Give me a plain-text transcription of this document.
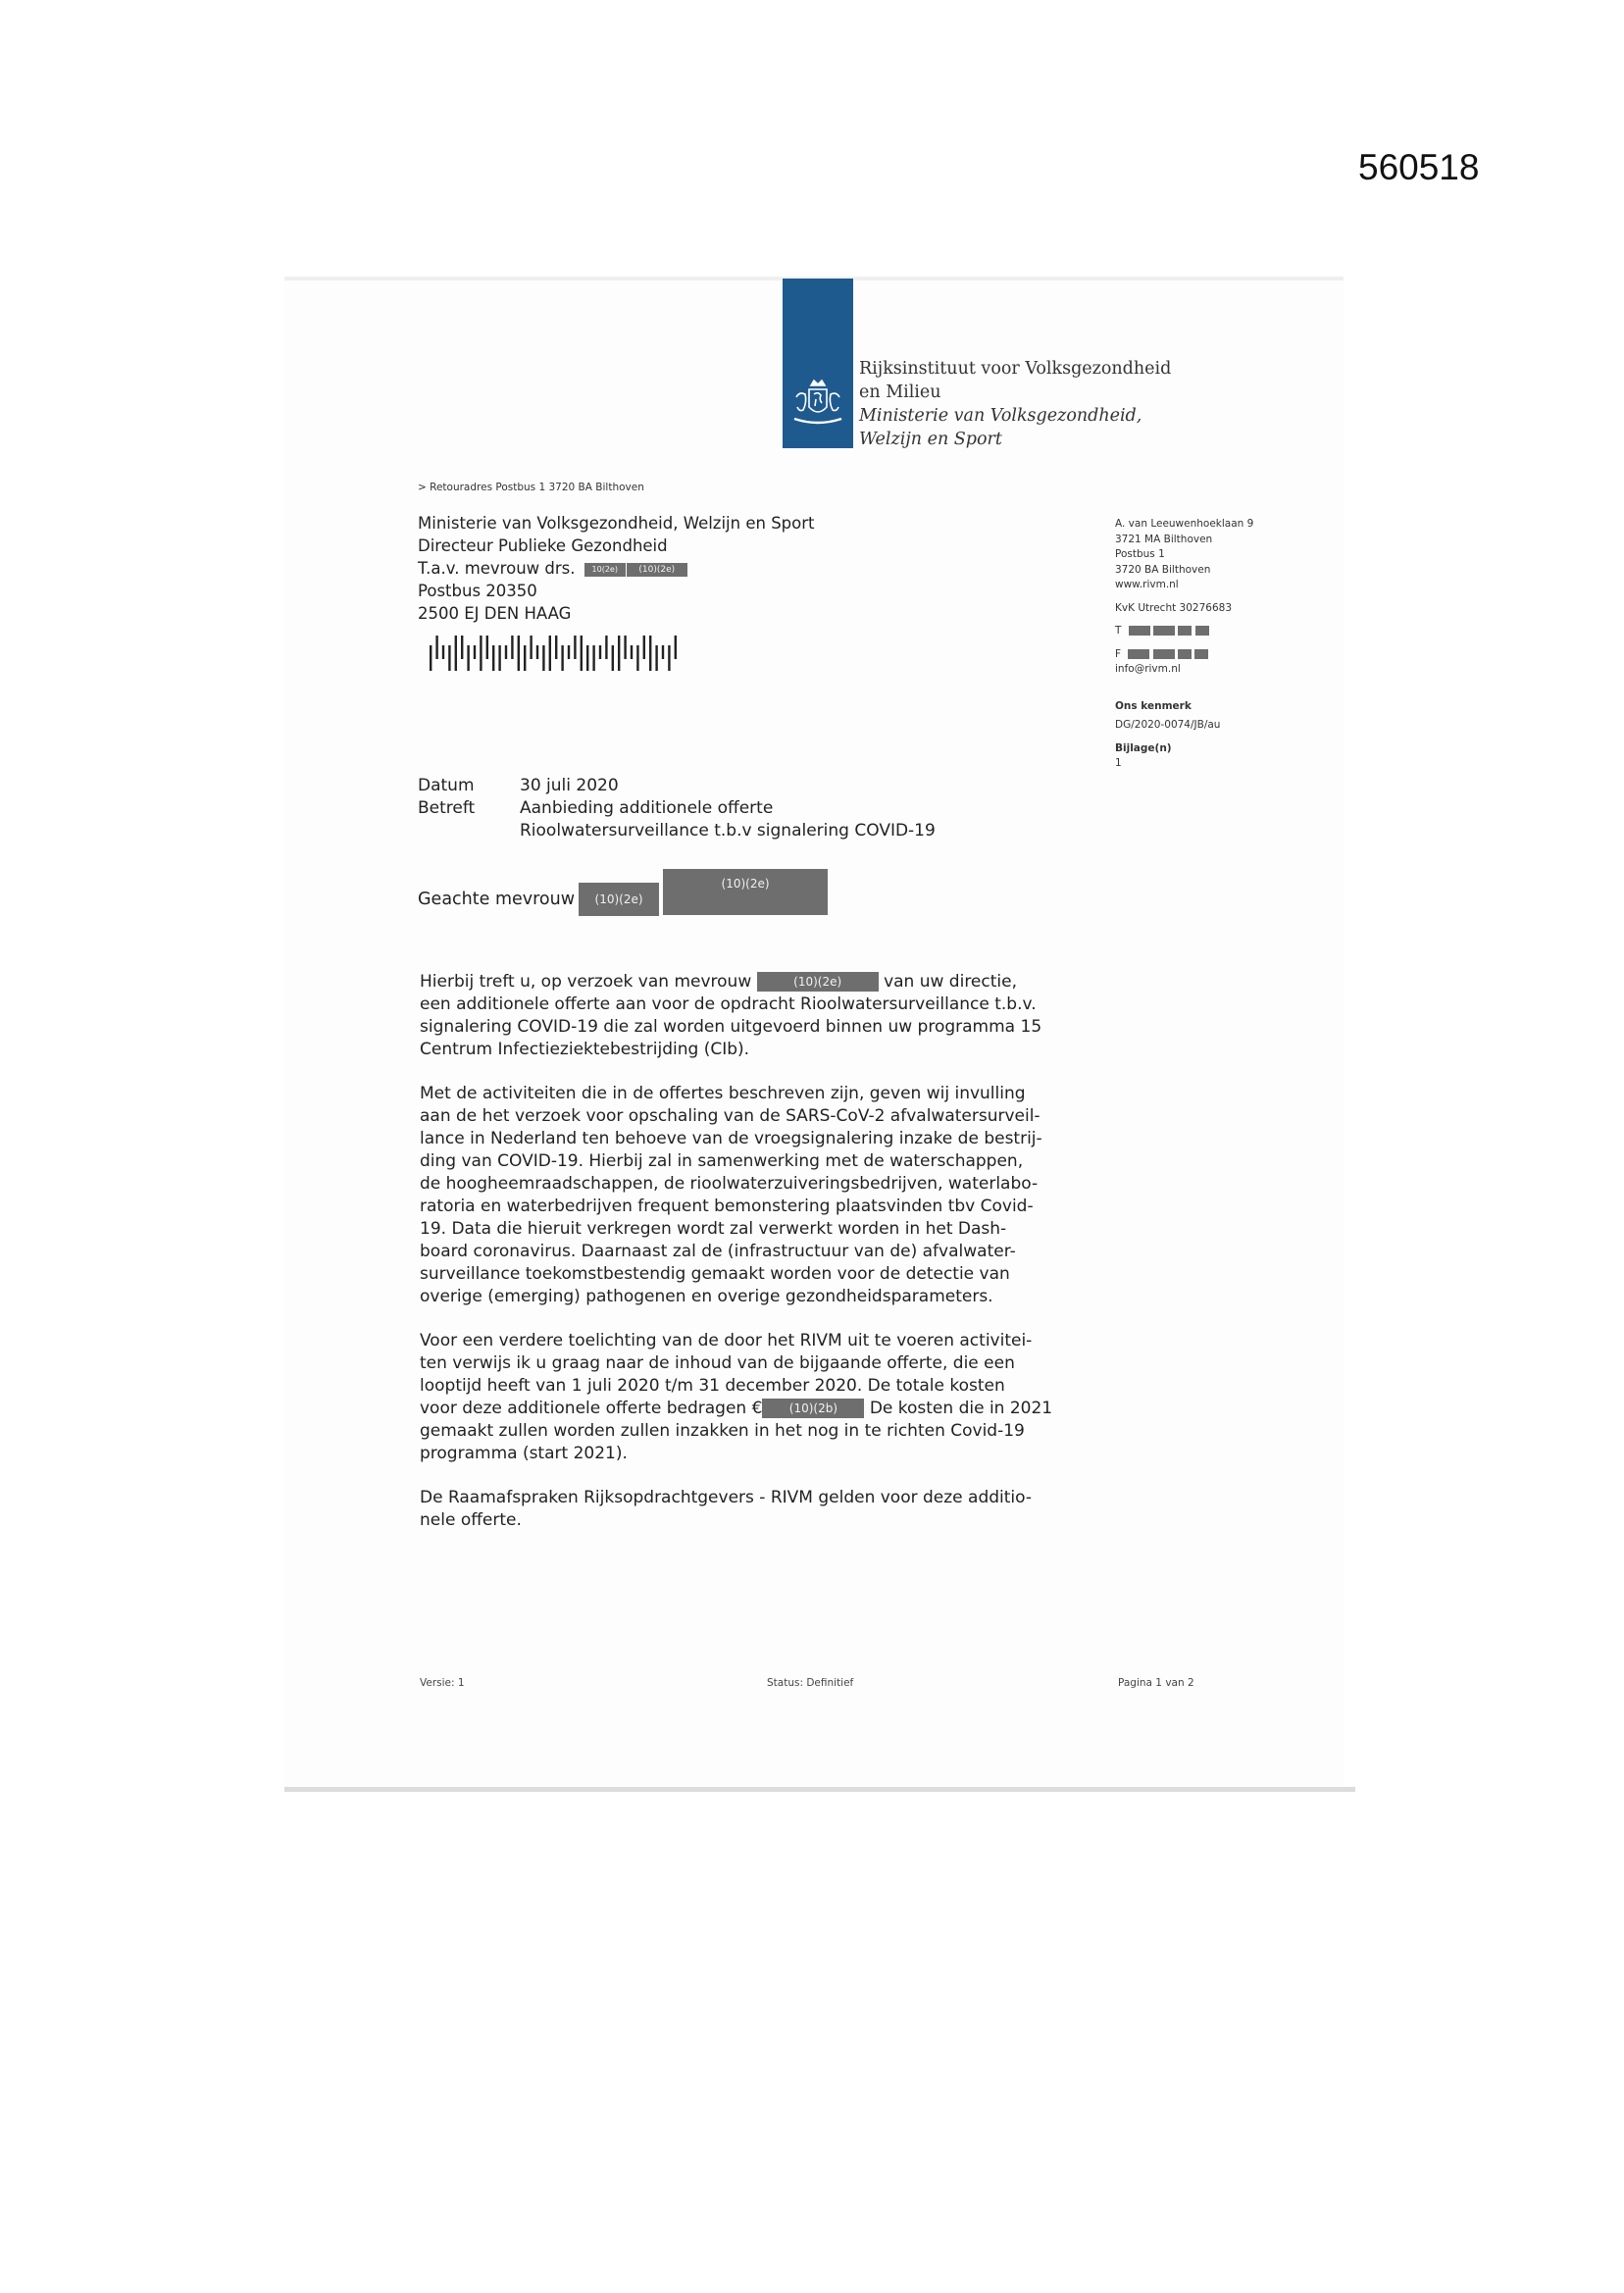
560518
Rijksinstituut voor Volksgezondheid
en Milieu
Ministerie van Volksgezondheid,
Welzijn en Sport
> Retouradres Postbus 1 3720 BA Bilthoven
Ministerie van Volksgezondheid, Welzijn en Sport
Directeur Publieke Gezondheid
T.a.v. mevrouw drs. 10(2e) (10)(2e)
Postbus 20350
2500 EJ DEN HAAG
A. van Leeuwenhoeklaan 9
3721 MA Bilthoven
Postbus 1
3720 BA Bilthoven
www.rivm.nl
KvK Utrecht 30276683
T
F
info@rivm.nl
Ons kenmerk
DG/2020-0074/JB/au
Bijlage(n)
1
Datum	30 juli 2020
Betreft	Aanbieding additionele offerte
Rioolwatersurveillance t.b.v signalering COVID-19
Geachte mevrouw (10)(2e)(10)(2e)

Hierbij treft u, op verzoek van mevrouw	(10)(2e)	van uw directie,
een additionele offerte aan voor de opdracht Rioolwatersurveillance t.b.v.
signalering COVID-19 die zal worden uitgevoerd binnen uw programma 15
Centrum Infectieziektebestrijding (CIb).

Met de activiteiten die in de offertes beschreven zijn, geven wij invulling
aan de het verzoek voor opschaling van de SARS-CoV-2 afvalwatersurveil-
lance in Nederland ten behoeve van de vroegsignalering inzake de bestrij-
ding van COVID-19. Hierbij zal in samenwerking met de waterschappen,
de hoogheemraadschappen, de rioolwaterzuiveringsbedrijven, waterlabo-
ratoria en waterbedrijven frequent bemonstering plaatsvinden tbv Covid-
19. Data die hieruit verkregen wordt zal verwerkt worden in het Dash-
board coronavirus. Daarnaast zal de (infrastructuur van de) afvalwater-
surveillance toekomstbestendig gemaakt worden voor de detectie van
overige (emerging) pathogenen en overige gezondheidsparameters.

Voor een verdere toelichting van de door het RIVM uit te voeren activitei-
ten verwijs ik u graag naar de inhoud van de bijgaande offerte, die een
looptijd heeft van 1 juli 2020 t/m 31 december 2020. De totale kosten
voor deze additionele offerte bedragen € (10)(2b) De kosten die in 2021
gemaakt zullen worden zullen inzakken in het nog in te richten Covid-19
programma (start 2021).

De Raamafspraken Rijksopdrachtgevers - RIVM gelden voor deze additio-
nele offerte.

Versie: 1	Status: Definitief	Pagina 1 van 2
